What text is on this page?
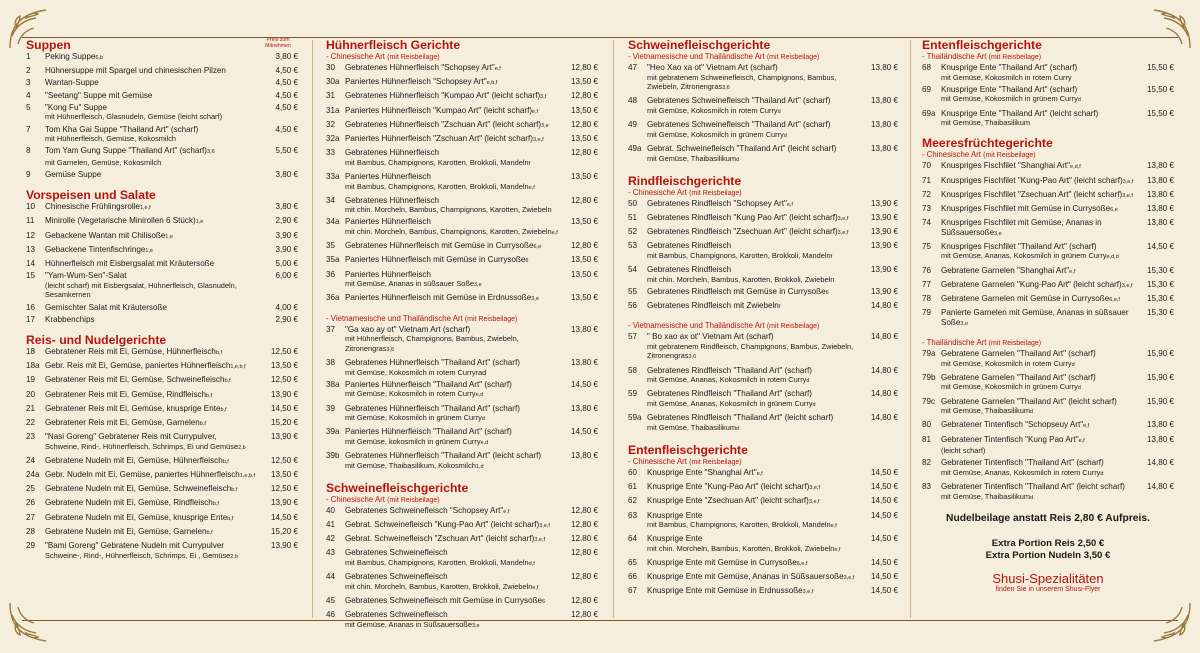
Suppen	Preis zum Mitnehmen
1	Peking Suppe6,b	3,80 €
2	Hühnersuppe mit Spargel und chinesischen Pilzen	4,50 €
3	Wantan-Suppe	4,50 €
4	"Seetang" Suppe mit Gemüse	4,50 €
5	"Kong Fu" Suppe
mit Hühnerfleisch, Glasnudeln, Gemüse (leicht scharf)
4,50 €
7	Tom Kha Gai Suppe "Thailand Art" (scharf)
mit Hühnerfleisch, Gemüse, Kokosmilch
4,50 €
8	Tom Yam Gung Suppe "Thailand Art" (scharf)3,6
mit Garnelen, Gemüse, Kokosmilch
5,50 €
9	Gemüse Suppe	3,80 €
Vorspeisen und Salate
10	Chinesische Frühlingsrolle1,e,f	3,80 €
11	Minirolle (Vegetarische Minirollen 6 Stück)1,e	2,90 €
12	Gebackene Wantan mit Chilisoße1,e	3,90 €
13	Gebackene Tintenfischringe1,e	3,90 €
14	Hühnerfleisch mit Eisbergsalat mit Kräutersoße	5,00 €
15	"Yam-Wum-Sen"-Salat
(leicht scharf) mit Eisbergsalat, Hühnerfleisch, Glasnudeln, Sesamkernen
6,00 €
16	Gemischter Salat mit Kräutersoße	4,00 €
17	Krabbenchips	2,90 €
Reis- und Nudelgerichte
18	Gebratener Reis mit Ei, Gemüse, Hühnerfleischb,f	12,50 €
18a Gebr. Reis mit Ei, Gemüse, paniertes Hühnerfleisch1,e,b,f	13,50 €
19	Gebratener Reis mit Ei, Gemüse, Schweinefleischb,f	12,50 €
20	Gebratener Reis mit Ei, Gemüse, Rindfleischb,f	13,90 €
21	Gebratener Reis mit Ei, Gemüse, knusprige Enteb,f	14,50 €
22	Gebratener Reis mit Ei, Gemüse, Garnelenb,f	15,20 €
23	"Nasi Goreng" Gebratener Reis mit Currypulver,
Schweine, Rind-, Hühnerfleisch, Schrimps, Ei und Gemüse2,b
13,90 €
24	Gebratene Nudeln mit Ei, Gemüse, Hühnerfleischb,f	12,50 €
24a Gebr. Nudeln mit Ei, Gemüse, paniertes Hühnerfleisch1,e,b,f	13,50 €
25	Gebratene Nudeln mit Ei, Gemüse, Schweinefleischb,f	12,50 €
26	Gebratene Nudeln mit Ei, Gemüse, Rindfleischb,f	13,90 €
27	Gebratene Nudeln mit Ei, Gemüse, knusprige Enteb,f	14,50 €
28	Gebratene Nudeln mit Ei, Gemüse, Garnelenb,f	15,20 €
29	"Bami Goreng" Gebratene Nudeln mit Currypulver
Schweine-, Rind-, Hühnerfleisch, Schrimps, Ei , Gemüse2,b
13,90 €
Hühnerfleisch Gerichte
- Chinesische Art (mit Reisbeilage)
30	Gebratenes Hühnerfleisch "Schopsey Art"e,f	12,80 €
30a Paniertes Hühnerfleisch "Schopsey Art"e,b,f	13,50 €
31	Gebratenes Hühnerfleisch "Kumpao Art" (leicht scharf)3,f	12,80 €
31a Paniertes Hühnerfleisch "Kumpao Art" (leicht scharf)e,f	13,50 €
32	Gebratenes Hühnerfleisch "Zschuan Art" (leicht scharf)3,e	12,80 €
32a Paniertes Hühnerfleisch "Zschuan Art" (leicht scharf)3,e,f	13,50 €
33	Gebratenes Hühnerfleisch
mit Bambus, Champignons, Karotten, Brokkoli, Mandelnf
12,80 €
33a Paniertes Hühnerfleisch
mit Bambus, Champignons, Karotten, Brokkoli, Mandelne,f
13,50 €
34	Gebratenes Hühnerfleisch
mit chin. Morcheln, Bambus, Champignons, Karotten, Zwiebeln
12,80 €
34a Paniertes Hühnerfleisch
mit chin. Morcheln, Bambus, Champignons, Karotten, Zwiebelne,f
13,50 €
35	Gebratenes Hühnerfleisch mit Gemüse in Currysoße6,e	12,80 €
35a Paniertes Hühnerfleisch mit Gemüse in Currysoße6	13,50 €
36	Paniertes Hühnerfleisch
mit Gemüse, Ananas in süßsauer Soße3,e
13,50 €
36a Paniertes Hühnerfleisch mit Gemüse in Erdnussoße3,e	13,50 €
- Vietnamesische und Thailändische Art (mit Reisbeilage)
37	"Ga xao ay ot" Vietnam Art (scharf)
mit Hühnerfleisch, Champignons, Bambus, Zwiebeln, Zitronengras3,6
13,80 €
38	Gebratenes Hühnerfleisch "Thailand Art" (scharf)
mit Gemüse, Kokosmilch in rotem Curryrad
13,80 €
38a Paniertes Hühnerfleisch "Thailand Art" (scharf)
mit Gemüse, Kokosmilch in rotem Currye,d
14,50 €
39	Gebratenes Hühnerfleisch "Thailand Art" (scharf)
mit Gemüse, Kokosmilch in grünem Curryd
13,80 €
39a Paniertes Hühnerfleisch "Thailand Art" (scharf)
mit Gemüse, kokosmilch in grünem Currye,d
14,50 €
39b Gebratenes Hühnerfleisch "Thailand Art" (leicht scharf)
mit Gemüse, Thaibasilikum, Kokosmilch1,d
13,80 €
Schweinefleischgerichte
- Chinesische Art (mit Reisbeilage)
40	Gebratenes Schweinefleisch "Schopsey Art"e,f	12,80 €
41	Gebrat. Schweinefleisch "Kung-Pao Art" (leicht scharf)3,e,f	12,80 €
42	Gebrat. Schweinefleisch "Zschuan Art" (leicht scharf)3,e,f	12,80 €
43	Gebratenes Schweinefleisch
mit Bambus, Champignons, Karotten, Brokkoli, Mandelnd,f
12,80 €
44	Gebratenes Schweinefleisch
mit chin. Morcheln, Bambus, Karotten, Brokkoli, Zwiebelne,f
12,80 €
45	Gebratenes Schweinefleisch mit Gemüse in Currysoße6	12,80 €
46	Gebratenes Schweinefleisch
mit Gemüse, Ananas in Süßsauersoße3,e
12,80 €
Schweinefleischgerichte
- Vietnamesische und Thailändische Art (mit Reisbeilage)
47	"Heo Xao xa ot" Vietnam Art (scharf)
mit gebratenem Schweinefleisch, Champignons, Bambus, Zwiebeln, Zitronengras3,6
13,80 €
48	Gebratenes Schweinefleisch "Thailand Art" (scharf)
mit Gemüse, Kokosmilch in rotem Curryd
13,80 €
49	Gebratenes Schweinefleisch "Thailand Art" (scharf)
mit Gemüse, Kokosmilch in grünem Curryd
13,80 €
49a Gebrat. Schweinefleisch "Thailand Art" (leicht scharf)
mit Gemüse, Thaibasilikumd
13,80 €
Rindfleischgerichte
- Chinesische Art (mit Reisbeilage)
50	Gebratenes Rindfleisch "Schopsey Art"e,f	13,90 €
51	Gebratenes Rindfleisch "Kung Pao Art" (leicht scharf)3,e,f	13,90 €
52	Gebratenes Rindfleisch "Zsechuan Art" (leicht scharf)3,e,f	13,90 €
53	Gebratenes Rindfleisch
mit Bambus, Champignons, Karotten, Brokkoli, Mandelnf
13,90 €
54	Gebratenes Rindfleisch
mit chin. Morcheln, Bambus, Karotten, Brokkoli, Zwiebeln
13,90 €
55	Gebratenes Rindfleisch mit Gemüse in Currysoße6	13,90 €
56	Gebratenes Rindfleisch mit Zwiebelnf	14,80 €
- Vietnamesische und Thailändische Art (mit Reisbeilage)
57	" Bo xao ax ot" Vietnam Art (scharf)
mit gebratenem Rindfleisch, Champignons, Bambus, Zwiebeln, Zitronengras3,6
14,80 €
58	Gebratenes Rindfleisch "Thailand Art" (scharf)
mit Gemüse, Ananas, Kokosmilch in rotem Curryd
14,80 €
59	Gebratenes Rindfleisch "Thailand Art" (scharf)
mit Gemüse, Ananas, Kokosmilch in grünem Curryd
14,80 €
59a Gebratenes Rindfleisch "Thailand Art" (leicht scharf)
mit Gemüse, Thaibasilikumd
14,80 €
Entenfleischgerichte
- Chinesische Art (mit Reisbeilage)
60	Knusprige Ente "Shanghai Art"e,f	14,50 €
61	Knusprige Ente "Kung-Pao Art" (leicht scharf)3,e,f	14,50 €
62	Knusprige Ente "Zsechuan Art" (leicht scharf)3,e,f	14,50 €
63	Knusprige Ente
mit Bambus, Champignons, Karotten, Brokkoli, Mandelne,f
14,50 €
64	Knusprige Ente
mit chin. Morcheln, Bambus, Karotten, Brokkoli, Zwiebelne,f
14,50 €
65	Knusprige Ente mit Gemüse in Currysoße6,e,f	14,50 €
66	Knusprige Ente mit Gemüse, Ananas in Süßsauersoße3,e,f	14,50 €
67	Knusprige Ente mit Gemüse in Erdnussoße3,e,f	14,50 €
Entenfleischgerichte
- Thailändische Art (mit Reisbeilage)
68	Knusprige Ente "Thailand Art" (scharf)
mit Gemüse, Kokosmilch in rotem Curry
15,50 €
69	Knusprige Ente "Thailand Art" (scharf)
mit Gemüse, Kokosmilch in grünem Curryd
15,50 €
69a Knusprige Ente "Thailand Art" (leicht scharf)
mit Gemüse, Thaibasilikum
15,50 €
Meeresfrüchtegerichte
- Chinesische Art (mit Reisbeilage)
70	Knuspriges Fischfilet "Shanghai Art"e,d,f	13,80 €
71	Knuspriges Fischfilet "Kung-Pao Art" (leicht scharf)3,e,f	13,80 €
72	Knuspriges Fischfilet "Zsechuan Art" (leicht scharf)3,e,f	13,80 €
73	Knuspriges Fischfilet mit Gemüse in Currysoße6,e	13,80 €
74	Knuspriges Fischfilet mit Gemüse, Ananas in Süßsauersoße3,e
13,80 €
75	Knuspriges Fischfilet "Thailand Art" (scharf)
mit Gemüse, Ananas, Kokosmilch in grünem Currye,d,d
14,50 €
76	Gebratene Garnelen "Shanghai Art"e,f	15,30 €
77	Gebratene Garnelen "Kung-Pao Art" (leicht scharf)3,e,f	15,30 €
78	Gebratene Garnelen mit Gemüse in Currysoße6,e,f	15,30 €
79	Panierte Garnelen mit Gemüse, Ananas in süßsauer Soße3,e
15,30 €
- Thailändische Art (mit Reisbeilage)
79a Gebratene Garnelen "Thailand Art" (scharf)
mit Gemüse, Kokosmilch in rotem Curryd
15,90 €
79b Gebratene Garnelen "Thailand Art" (scharf)
mit Gemüse, Kokosmilch in grünem Curryd
15,90 €
79c Gebratene Garnelen "Thailand Art" (leicht scharf)
mit Gemüse, Thaibasilikumd
15,90 €
80	Gebratener Tintenfisch "Schopseuy Art"e,f	13,80 €
81	Gebratener Tintenfisch "Kung Pao Art"e,f
(leicht scharf)
13,80 €
82	Gebratener Tintenfisch "Thailand Art" (scharf)
mit Gemüse, Ananas, Kokosmilch in rotem Curryd
14,80 €
83	Gebratener Tintenfisch "Thailand Art" (leicht scharf)
mit Gemüse, Thaibasilikumd
14,80 €
Nudelbeilage anstatt Reis 2,80 € Aufpreis.
Extra Portion Reis 2,50 €
Extra Portion Nudeln 3,50 €
Shusi-Spezialitäten
finden Sie in unserem Shusi-Flyer
